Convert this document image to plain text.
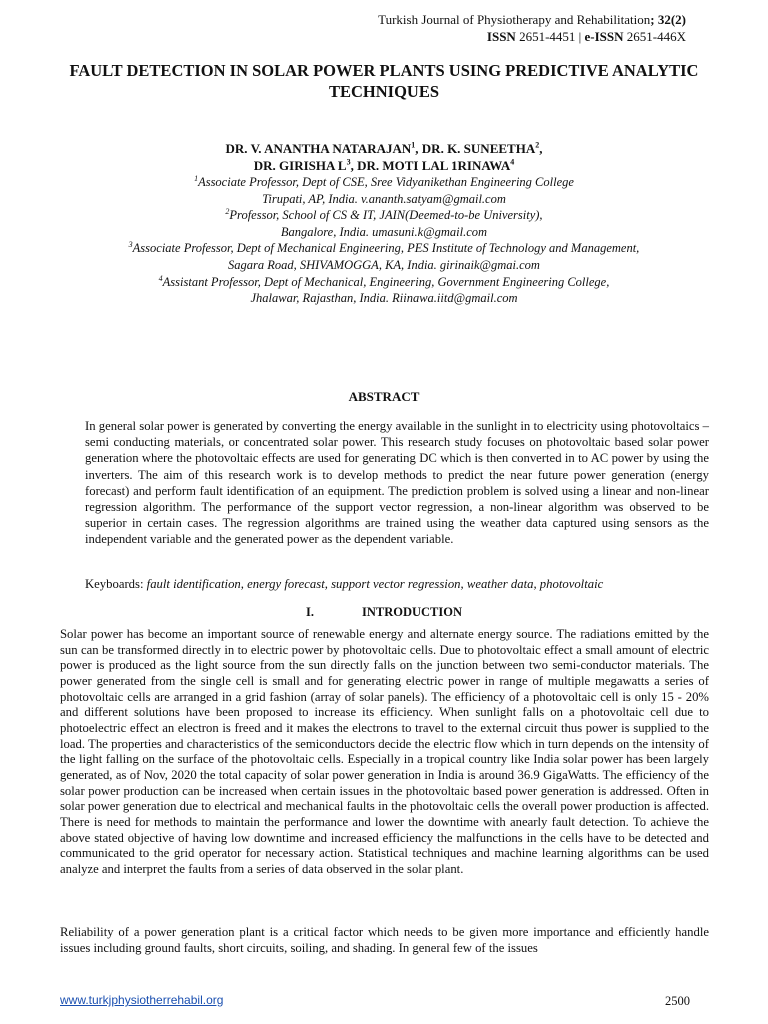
Turkish Journal of Physiotherapy and Rehabilitation; 32(2)
ISSN 2651-4451 | e-ISSN 2651-446X
FAULT DETECTION IN SOLAR POWER PLANTS USING PREDICTIVE ANALYTIC TECHNIQUES
DR. V. ANANTHA NATARAJAN$^1$, DR. K. SUNEETHA$^2$,
DR. GIRISHA $L^3$, DR. MOTI LAL 1RINAWA$^4$
$^1$Associate Professor, Dept of CSE, Sree Vidyanikethan Engineering College
Tirupati, AP, India. v.ananth.satyam@gmail.com
$^2$Professor, School of CS & IT, JAIN(Deemed-to-be University),
Bangalore, India. umasuni.k@gmail.com
$^3$Associate Professor, Dept of Mechanical Engineering, PES Institute of Technology and Management,
Sagara Road, SHIVAMOGGA, KA, India. girinaik@gmai.com
$^4$Assistant Professor, Dept of Mechanical, Engineering, Government Engineering College,
Jhalawar, Rajasthan, India. Riinawa.iitd@gmail.com
ABSTRACT

In general solar power is generated by converting the energy available in the sunlight in to electricity using photovoltaics – semi conducting materials, or concentrated solar power. This research study focuses on photovoltaic based solar power generation where the photovoltaic effects are used for generating DC which is then converted in to AC power by using the inverters. The aim of this research work is to develop methods to predict the near future power generation (energy forecast) and perform fault identification of an equipment. The prediction problem is solved using a linear and non-linear regression algorithm. The performance of the support vector regression, a non-linear algorithm was observed to be superior in certain cases. The regression algorithms are trained using the weather data captured using sensors as the independent variable and the generated power as the dependent variable.

Keyboards: fault identification, energy forecast, support vector regression, weather data, photovoltaic

I.	INTRODUCTION

Solar power has become an important source of renewable energy and alternate energy source. The radiations emitted by the sun can be transformed directly in to electric power by photovoltaic cells. Due to photovoltaic effect a small amount of electric power is produced as the light source from the sun directly falls on the junction between two semi-conductor materials. The power generated from the single cell is small and for generating electric power in range of multiple megawatts a series of photovoltaic cells are arranged in a grid fashion (array of solar panels). The efficiency of a photovoltaic cell is only 15 - 20% and different solutions have been proposed to increase its efficiency. When sunlight falls on a photovoltaic cell due to photoelectric effect an electron is freed and it makes the electrons to travel to the external circuit thus power is supplied to the load. The properties and characteristics of the semiconductors decide the electric flow which in turn depends on the intensity of the light falling on the surface of the photovoltaic cells. Especially in a tropical country like India solar power has been largely generated, as of Nov, 2020 the total capacity of solar power generation in India is around 36.9 GigaWatts. The efficiency of the solar power production can be increased when certain issues in the photovoltaic based power generation is addressed. Often in solar power generation due to electrical and mechanical faults in the photovoltaic cells the overall power production is affected. There is need for methods to maintain the performance and lower the downtime with anearly fault detection. To achieve the above stated objective of having low downtime and increased efficiency the malfunctions in the cells have to be detected and communicated to the grid operator for necessary action. Statistical techniques and machine learning algorithms can be used analyze and interpret the faults from a series of data observed in the solar plant.

Reliability of a power generation plant is a critical factor which needs to be given more importance and efficiently handle issues including ground faults, short circuits, soiling, and shading. In general few of the issues

www.turkjphysiotherrehabil.org	2500
